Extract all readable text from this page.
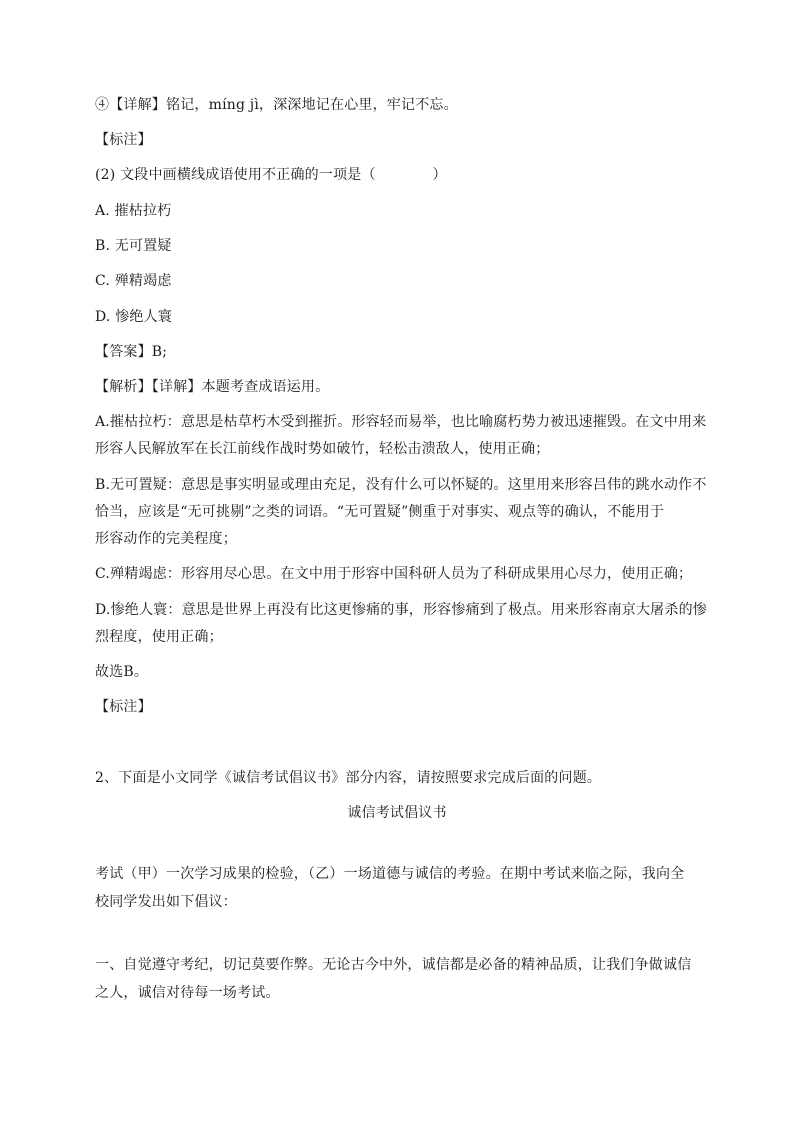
④【详解】铭记，míng jì，深深地记在心里，牢记不忘。
【标注】
(2) 文段中画横线成语使用不正确的一项是（　　　　）
A. 摧枯拉朽
B. 无可置疑
C. 殚精竭虑
D. 惨绝人寰
【答案】B;
【解析】【详解】本题考查成语运用。
A.摧枯拉朽：意思是枯草朽木受到摧折。形容轻而易举，也比喻腐朽势力被迅速摧毁。在文中用来
形容人民解放军在长江前线作战时势如破竹，轻松击溃敌人，使用正确；
B.无可置疑：意思是事实明显或理由充足，没有什么可以怀疑的。这里用来形容吕伟的跳水动作不
恰当，应该是“无可挑剔”之类的词语。“无可置疑”侧重于对事实、观点等的确认，不能用于
形容动作的完美程度；
C.殚精竭虑：形容用尽心思。在文中用于形容中国科研人员为了科研成果用心尽力，使用正确；
D.惨绝人寰：意思是世界上再没有比这更惨痛的事，形容惨痛到了极点。用来形容南京大屠杀的惨
烈程度，使用正确；
故选B。
【标注】
2、下面是小文同学《诚信考试倡议书》部分内容，请按照要求完成后面的问题。
诚信考试倡议书
考试（甲）一次学习成果的检验，（乙）一场道德与诚信的考验。在期中考试来临之际，我向全
校同学发出如下倡议：
一、自觉遵守考纪，切记莫要作弊。无论古今中外，诚信都是必备的精神品质，让我们争做诚信
之人，诚信对待每一场考试。
